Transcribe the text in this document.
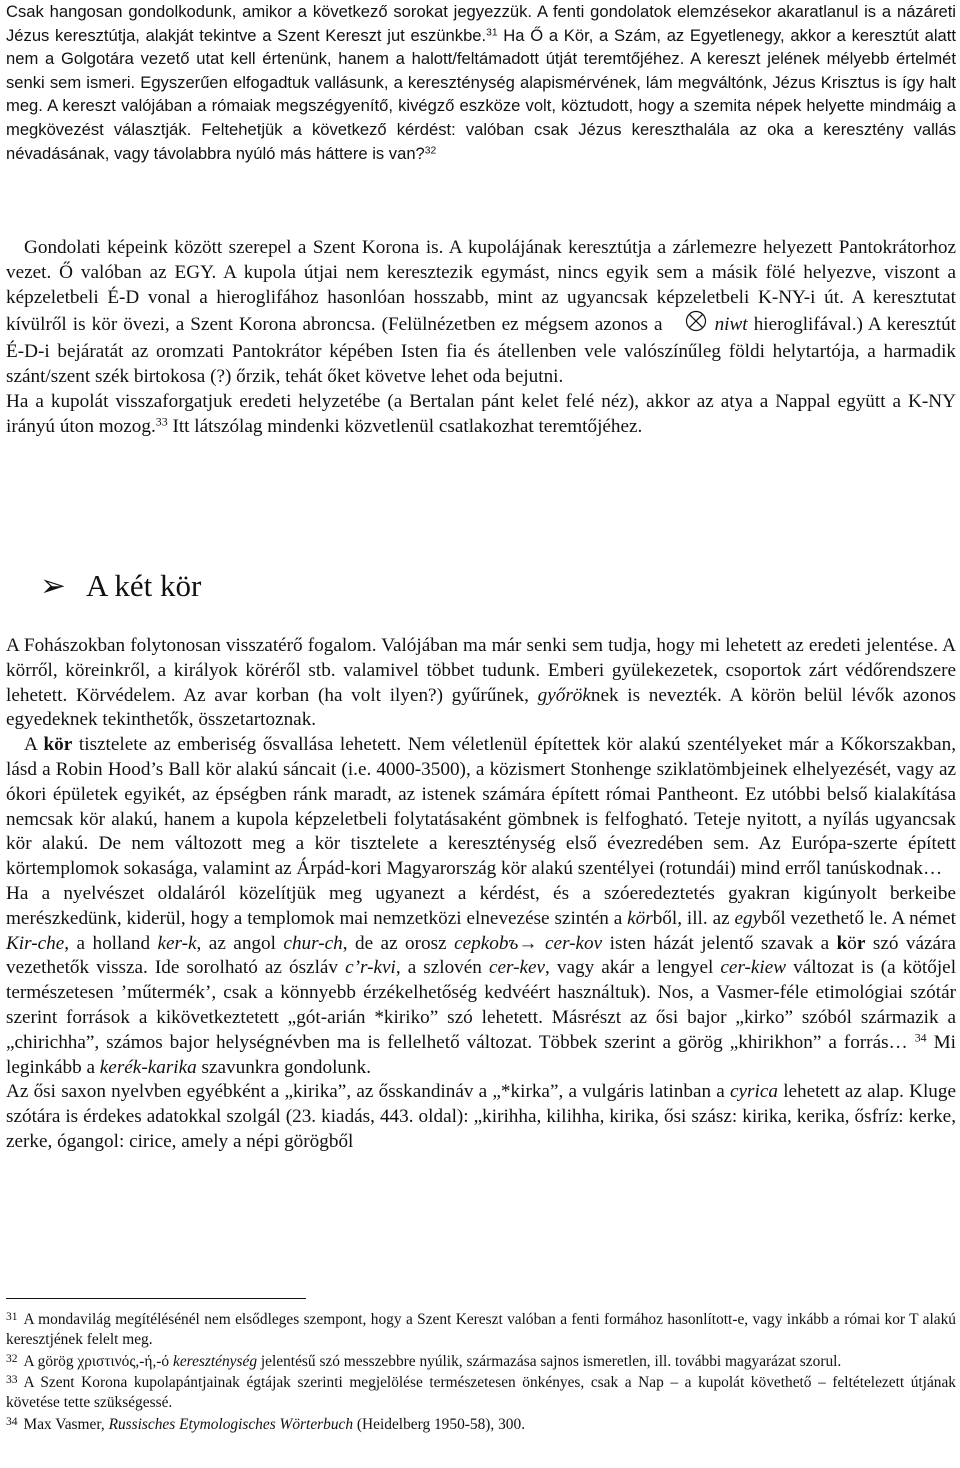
Csak hangosan gondolkodunk, amikor a következő sorokat jegyezzük. A fenti gondolatok elemzésekor akaratlanul is a názáreti Jézus keresztútja, alakját tekintve a Szent Kereszt jut eszünkbe.$^{31}$ Ha Ő a Kör, a Szám, az Egyetlenegy, akkor a keresztút alatt nem a Golgotára vezető utat kell értenünk, hanem a halott/feltámadott útját teremtőjéhez. A kereszt jelének mélyebb értelmét senki sem ismeri. Egyszerűen elfogadtuk vallásunk, a kereszténység alapismérvének, lám megváltónk, Jézus Krisztus is így halt meg. A kereszt valójában a rómaiak megszégyenítő, kivégző eszköze volt, köztudott, hogy a szemita népek helyette mindmáig a megkövezést választják. Feltehetjük a következő kérdést: valóban csak Jézus kereszthalála az oka a keresztény vallás névadásának, vagy távolabbra nyúló más háttere is van?$^{32}$

Gondolati képeink között szerepel a Szent Korona is. A kupolájának keresztútja a zárlemezre helyezett Pantokrátorhoz vezet. Ő valóban az EGY. A kupola útjai nem keresztezik egymást, nincs egyik sem a másik fölé helyezve, viszont a képzeletbeli É-D vonal a hieroglifához hasonlóan hosszabb, mint az ugyancsak képzeletbeli K-NY-i út. A keresztutat kívülről is kör övezi, a Szent Korona abroncsa. (Felülnézetben ez mégsem azonos a	niwt hieroglifával.) A keresztút É-D-i bejáratát az oromzati Pantokrátor képében Isten fia és átellenben vele valószínűleg földi helytartója, a harmadik szánt/szent szék birtokosa (?) őrzik, tehát őket követve lehet oda bejutni.

Ha a kupolát visszaforgatjuk eredeti helyzetébe (a Bertalan pánt kelet felé néz), akkor az atya a Nappal együtt a K-NY irányú úton mozog.$^{33}$ Itt látszólag mindenki közvetlenül csatlakozhat teremtőjéhez.

➢ A két kör

A Fohászokban folytonosan visszatérő fogalom. Valójában ma már senki sem tudja, hogy mi lehetett az eredeti jelentése. A körről, köreinkről, a királyok köréről stb. valamivel többet tudunk. Emberi gyülekezetek, csoportok zárt védőrendszere lehetett. Körvédelem. Az avar korban (ha volt ilyen?) gyűrűnek, győröknek is nevezték. A körön belül lévők azonos egyedeknek tekinthetők, összetartoznak.

A kör tisztelete az emberiség ősvallása lehetett. Nem véletlenül építettek kör alakú szentélyeket már a Kőkorszakban, lásd a Robin Hood’s Ball kör alakú sáncait (i.e. 4000-3500), a közismert Stonhenge sziklatömbjeinek elhelyezését, vagy az ókori épületek egyikét, az épségben ránk maradt, az istenek számára épített római Pantheont. Ez utóbbi belső kialakítása nemcsak kör alakú, hanem a kupola képzeletbeli folytatásaként gömbnek is felfogható. Teteje nyitott, a nyílás ugyancsak kör alakú. De nem változott meg a kör tisztelete a kereszténység első évezredében sem. Az Európa-szerte épített körtemplomok sokasága, valamint az Árpád-kori Magyarország kör alakú szentélyei (rotundái) mind erről tanúskodnak…

Ha a nyelvészet oldaláról közelítjük meg ugyanezt a kérdést, és a szóeredeztetés gyakran kigúnyolt berkeibe merészkedünk, kiderül, hogy a templomok mai nemzetközi elnevezése szintén a körből, ill. az egyből vezethető le. A német Kir-che, a holland ker-k, az angol chur-ch, de az orosz cepkobъ→ cer-kov isten házát jelentő szavak a kör szó vázára vezethetők vissza. Ide sorolható az ószláv c’r-kvi, a szlovén cer-kev, vagy akár a lengyel cer-kiew változat is (a kötőjel természetesen ’műtermék’, csak a könnyebb érzékelhetőség kedvéért használtuk). Nos, a Vasmer-féle etimológiai szótár szerint források a kikövetkeztetett „gót-arián *kiriko” szó lehetett. Másrészt az ősi bajor „kirko” szóból származik a „chirichha”, számos bajor helységnévben ma is fellelhető változat. Többek szerint a görög „khirikhon” a forrás… $^{34}$ Mi leginkább a kerék-karika szavunkra gondolunk.

Az ősi saxon nyelvben egyébként a „kirika”, az ősskandináv a „*kirka”, a vulgáris latinban a cyrica lehetett az alap. Kluge szótára is érdekes adatokkal szolgál (23. kiadás, 443. oldal): „kirihha, kilihha, kirika, ősi szász: kirika, kerika, ősfríz: kerke, zerke, ógangol: cirice, amely a népi görögből

$^{31}$ A mondavilág megítélésénél nem elsődleges szempont, hogy a Szent Kereszt valóban a fenti formához hasonlított-e, vagy inkább a római kor T alakú keresztjének felelt meg.

$^{32}$ A görög χριστινός,-ή,-ό kereszténység jelentésű szó messzebbre nyúlik, származása sajnos ismeretlen, ill. további magyarázat szorul.

$^{33}$ A Szent Korona kupolapántjainak égtájak szerinti megjelölése természetesen önkényes, csak a Nap – a kupolát követhető – feltételezett útjának követése tette szükségessé.

$^{34}$ Max Vasmer, Russisches Etymologisches Wörterbuch (Heidelberg 1950-58), 300.
